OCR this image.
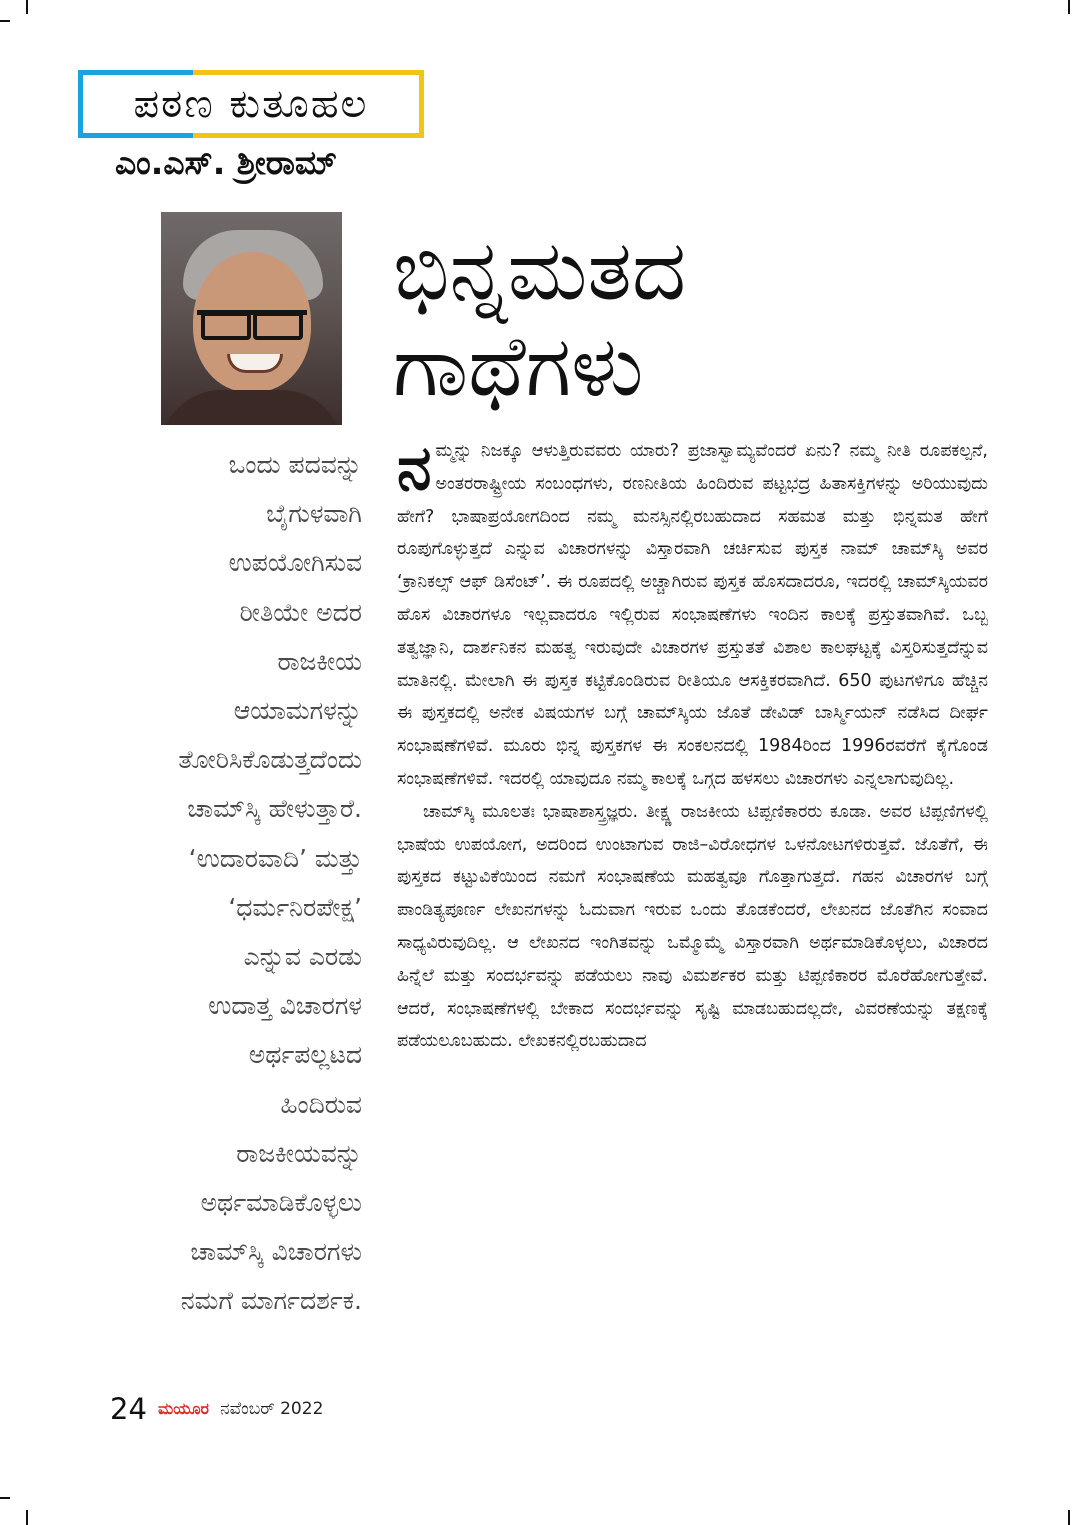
ಪಠಣ ಕುತೂಹಲ
ಎಂ.ಎಸ್. ಶ್ರೀರಾಮ್
ಭಿನ್ನಮತದ
ಗಾಥೆಗಳು
ಒಂದು ಪದವನ್ನು
ಬೈಗುಳವಾಗಿ
ಉಪಯೋಗಿಸುವ
ರೀತಿಯೇ ಅದರ
ರಾಜಕೀಯ
ಆಯಾಮಗಳನ್ನು
ತೋರಿಸಿಕೊಡುತ್ತದೆಂದು
ಚಾಮ್‌ಸ್ಕಿ ಹೇಳುತ್ತಾರೆ.
‘ಉದಾರವಾದಿ’ ಮತ್ತು
‘ಧರ್ಮನಿರಪೇಕ್ಷ’
ಎನ್ನುವ ಎರಡು
ಉದಾತ್ತ ವಿಚಾರಗಳ
ಅರ್ಥಪಲ್ಲಟದ
ಹಿಂದಿರುವ
ರಾಜಕೀಯವನ್ನು
ಅರ್ಥಮಾಡಿಕೊಳ್ಳಲು
ಚಾಮ್‌ಸ್ಕಿ ವಿಚಾರಗಳು
ನಮಗೆ ಮಾರ್ಗದರ್ಶಕ.

ನಮ್ಮನ್ನು ನಿಜಕ್ಕೂ ಆಳುತ್ತಿರುವವರು ಯಾರು? ಪ್ರಜಾಸ್ವಾಮ್ಯವೆಂದರೆ ಏನು? ನಮ್ಮ ನೀತಿ ರೂಪಕಲ್ಪನೆ, ಅಂತರರಾಷ್ಟ್ರೀಯ ಸಂಬಂಧಗಳು, ರಣನೀತಿಯ ಹಿಂದಿರುವ ಪಟ್ಟಭದ್ರ ಹಿತಾಸಕ್ತಿಗಳನ್ನು ಅರಿಯುವುದು ಹೇಗೆ? ಭಾಷಾಪ್ರಯೋಗದಿಂದ ನಮ್ಮ ಮನಸ್ಸಿನಲ್ಲಿರಬಹುದಾದ ಸಹಮತ ಮತ್ತು ಭಿನ್ನಮತ ಹೇಗೆ ರೂಪುಗೊಳ್ಳುತ್ತದೆ ಎನ್ನುವ ವಿಚಾರಗಳನ್ನು ವಿಸ್ತಾರವಾಗಿ ಚರ್ಚಿಸುವ ಪುಸ್ತಕ ನಾಮ್ ಚಾಮ್‌ಸ್ಕಿ ಅವರ ‘ಕ್ರಾನಿಕಲ್ಸ್ ಆಫ್ ಡಿಸೆಂಟ್’. ಈ ರೂಪದಲ್ಲಿ ಅಚ್ಚಾಗಿರುವ ಪುಸ್ತಕ ಹೊಸದಾದರೂ, ಇದರಲ್ಲಿ ಚಾಮ್‌ಸ್ಕಿಯವರ ಹೊಸ ವಿಚಾರಗಳೂ ಇಲ್ಲವಾದರೂ ಇಲ್ಲಿರುವ ಸಂಭಾಷಣೆಗಳು ಇಂದಿನ ಕಾಲಕ್ಕೆ ಪ್ರಸ್ತುತವಾಗಿವೆ. ಒಬ್ಬ ತತ್ವಜ್ಞಾನಿ, ದಾರ್ಶನಿಕನ ಮಹತ್ವ ಇರುವುದೇ ವಿಚಾರಗಳ ಪ್ರಸ್ತುತತೆ ವಿಶಾಲ ಕಾಲಘಟ್ಟಕ್ಕೆ ವಿಸ್ತರಿಸುತ್ತದೆನ್ನುವ ಮಾತಿನಲ್ಲಿ. ಮೇಲಾಗಿ ಈ ಪುಸ್ತಕ ಕಟ್ಟಿಕೊಂಡಿರುವ ರೀತಿಯೂ ಆಸಕ್ತಿಕರವಾಗಿದೆ. 650 ಪುಟಗಳಿಗೂ ಹೆಚ್ಚಿನ ಈ ಪುಸ್ತಕದಲ್ಲಿ ಅನೇಕ ವಿಷಯಗಳ ಬಗ್ಗೆ ಚಾಮ್‌ಸ್ಕಿಯ ಜೊತೆ ಡೇವಿಡ್ ಬಾರ್ಸ್ಮಿಯನ್ ನಡೆಸಿದ ದೀರ್ಘ ಸಂಭಾಷಣೆಗಳಿವೆ. ಮೂರು ಭಿನ್ನ ಪುಸ್ತಕಗಳ ಈ ಸಂಕಲನದಲ್ಲಿ 1984ರಿಂದ 1996ರವರೆಗೆ ಕೈಗೊಂಡ ಸಂಭಾಷಣೆಗಳಿವೆ. ಇದರಲ್ಲಿ ಯಾವುದೂ ನಮ್ಮ ಕಾಲಕ್ಕೆ ಒಗ್ಗದ ಹಳಸಲು ವಿಚಾರಗಳು ಎನ್ನಲಾಗುವುದಿಲ್ಲ.

ಚಾಮ್‌ಸ್ಕಿ ಮೂಲತಃ ಭಾಷಾಶಾಸ್ತ್ರಜ್ಞರು. ತೀಕ್ಷ್ಣ ರಾಜಕೀಯ ಟಿಪ್ಪಣಿಕಾರರು ಕೂಡಾ. ಅವರ ಟಿಪ್ಪಣಿಗಳಲ್ಲಿ ಭಾಷೆಯ ಉಪಯೋಗ, ಅದರಿಂದ ಉಂಟಾಗುವ ರಾಜಿ–ವಿರೋಧಗಳ ಒಳನೋಟಗಳಿರುತ್ತವೆ. ಜೊತೆಗೆ, ಈ ಪುಸ್ತಕದ ಕಟ್ಟುವಿಕೆಯಿಂದ ನಮಗೆ ಸಂಭಾಷಣೆಯ ಮಹತ್ವವೂ ಗೊತ್ತಾಗುತ್ತದೆ. ಗಹನ ವಿಚಾರಗಳ ಬಗ್ಗೆ ಪಾಂಡಿತ್ಯಪೂರ್ಣ ಲೇಖನಗಳನ್ನು ಓದುವಾಗ ಇರುವ ಒಂದು ತೊಡಕೆಂದರೆ, ಲೇಖನದ ಜೊತೆಗಿನ ಸಂವಾದ ಸಾಧ್ಯವಿರುವುದಿಲ್ಲ. ಆ ಲೇಖನದ ಇಂಗಿತವನ್ನು ಒಮ್ಮೊಮ್ಮೆ ವಿಸ್ತಾರವಾಗಿ ಅರ್ಥಮಾಡಿಕೊಳ್ಳಲು, ವಿಚಾರದ ಹಿನ್ನೆಲೆ ಮತ್ತು ಸಂದರ್ಭವನ್ನು ಪಡೆಯಲು ನಾವು ವಿಮರ್ಶಕರ ಮತ್ತು ಟಿಪ್ಪಣಿಕಾರರ ಮೊರೆಹೋಗುತ್ತೇವೆ. ಆದರೆ, ಸಂಭಾಷಣೆಗಳಲ್ಲಿ ಬೇಕಾದ ಸಂದರ್ಭವನ್ನು ಸೃಷ್ಟಿ ಮಾಡಬಹುದಲ್ಲದೇ, ವಿವರಣೆಯನ್ನು ತಕ್ಷಣಕ್ಕೆ ಪಡೆಯಲೂಬಹುದು. ಲೇಖಕನಲ್ಲಿರಬಹುದಾದ

24 ಮಯೂರ ನವೆಂಬರ್ 2022
